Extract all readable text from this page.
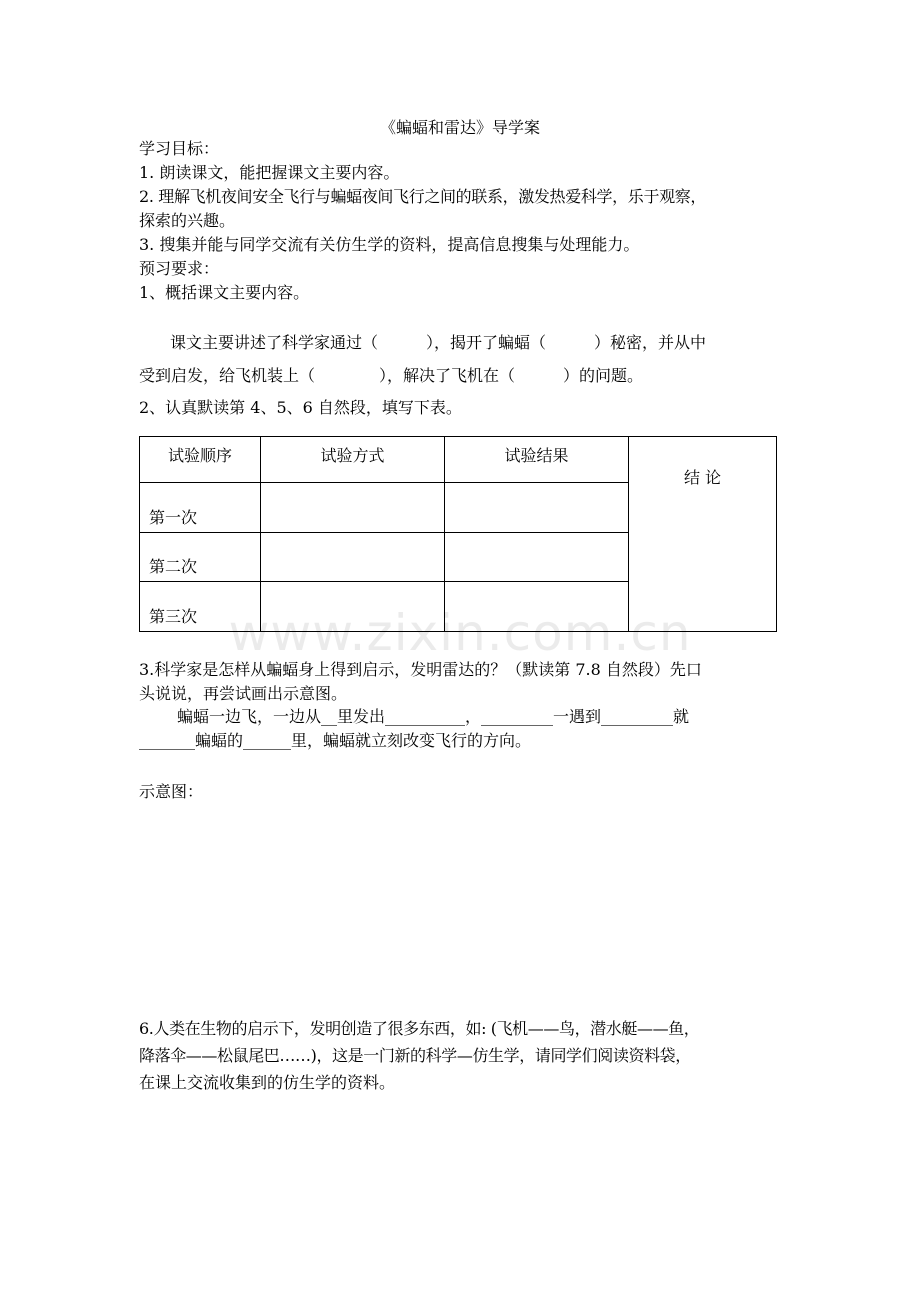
《蝙蝠和雷达》导学案
学习目标：
1. 朗读课文，能把握课文主要内容。
2. 理解飞机夜间安全飞行与蝙蝠夜间飞行之间的联系，激发热爱科学，乐于观察，
探索的兴趣。
3. 搜集并能与同学交流有关仿生学的资料，提高信息搜集与处理能力。
预习要求：
1、概括课文主要内容。
课文主要讲述了科学家通过（　　　），揭开了蝙蝠（　　　）秘密，并从中
受到启发，给飞机装上（　　　　），解决了飞机在（　　　）的问题。
2、认真默读第 4、5、6 自然段，填写下表。
试验顺序	试验方式	试验结果	结 论
第一次			
第二次			
第三次			www.zixin.com.cn
3.科学家是怎样从蝙蝠身上得到启示，发明雷达的？（默读第 7.8 自然段）先口
头说说，再尝试画出示意图。
蝙蝠一边飞，一边从__里发出__________，_________一遇到_________就
_______蝙蝠的______里，蝙蝠就立刻改变飞行的方向。
示意图：
6.人类在生物的启示下，发明创造了很多东西，如: (飞机——鸟，潜水艇——鱼，
降落伞——松鼠尾巴……)，这是一门新的科学—仿生学，请同学们阅读资料袋，
在课上交流收集到的仿生学的资料。
